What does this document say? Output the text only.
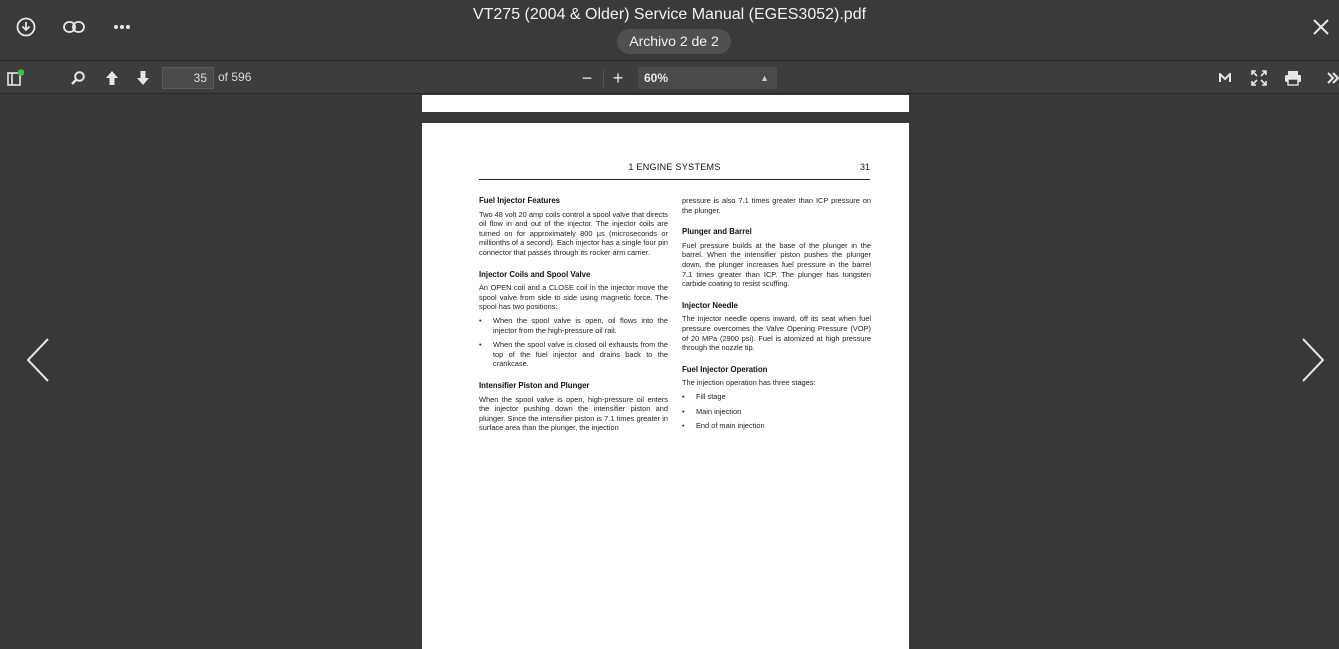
VT275 (2004 & Older) Service Manual (EGES3052).pdf
Archivo 2 de 2
35
of 596	−	+	60%	▲

1 ENGINE SYSTEMS	31
Fuel Injector Features

Two 48 volt 20 amp coils control a spool valve that directs oil flow in and out of the injector. The injector coils are turned on for approximately 800 µs (microseconds or millionths of a second). Each injector has a single four pin connector that passes through its rocker arm carrier.

Injector Coils and Spool Valve

An OPEN coil and a CLOSE coil in the injector move the spool valve from side to side using magnetic force. The spool has two positions:

• When the spool valve is open, oil flows into the injector from the high-pressure oil rail.
• When the spool valve is closed oil exhausts from the top of the fuel injector and drains back to the crankcase.
Intensifier Piston and Plunger

When the spool valve is open, high-pressure oil enters the injector pushing down the intensifier piston and plunger. Since the intensifier piston is 7.1 times greater in surface area than the plunger, the injection

pressure is also 7.1 times greater than ICP pressure on the plunger.

Plunger and Barrel

Fuel pressure builds at the base of the plunger in the barrel. When the intensifier piston pushes the plunger down, the plunger increases fuel pressure in the barrel 7.1 times greater than ICP. The plunger has tungsten carbide coating to resist scuffing.

Injector Needle

The injector needle opens inward, off its seat when fuel pressure overcomes the Valve Opening Pressure (VOP) of 20 MPa (2900 psi). Fuel is atomized at high pressure through the nozzle tip.

Fuel Injector Operation

The injection operation has three stages:

• Fill stage
• Main injection
• End of main injection
